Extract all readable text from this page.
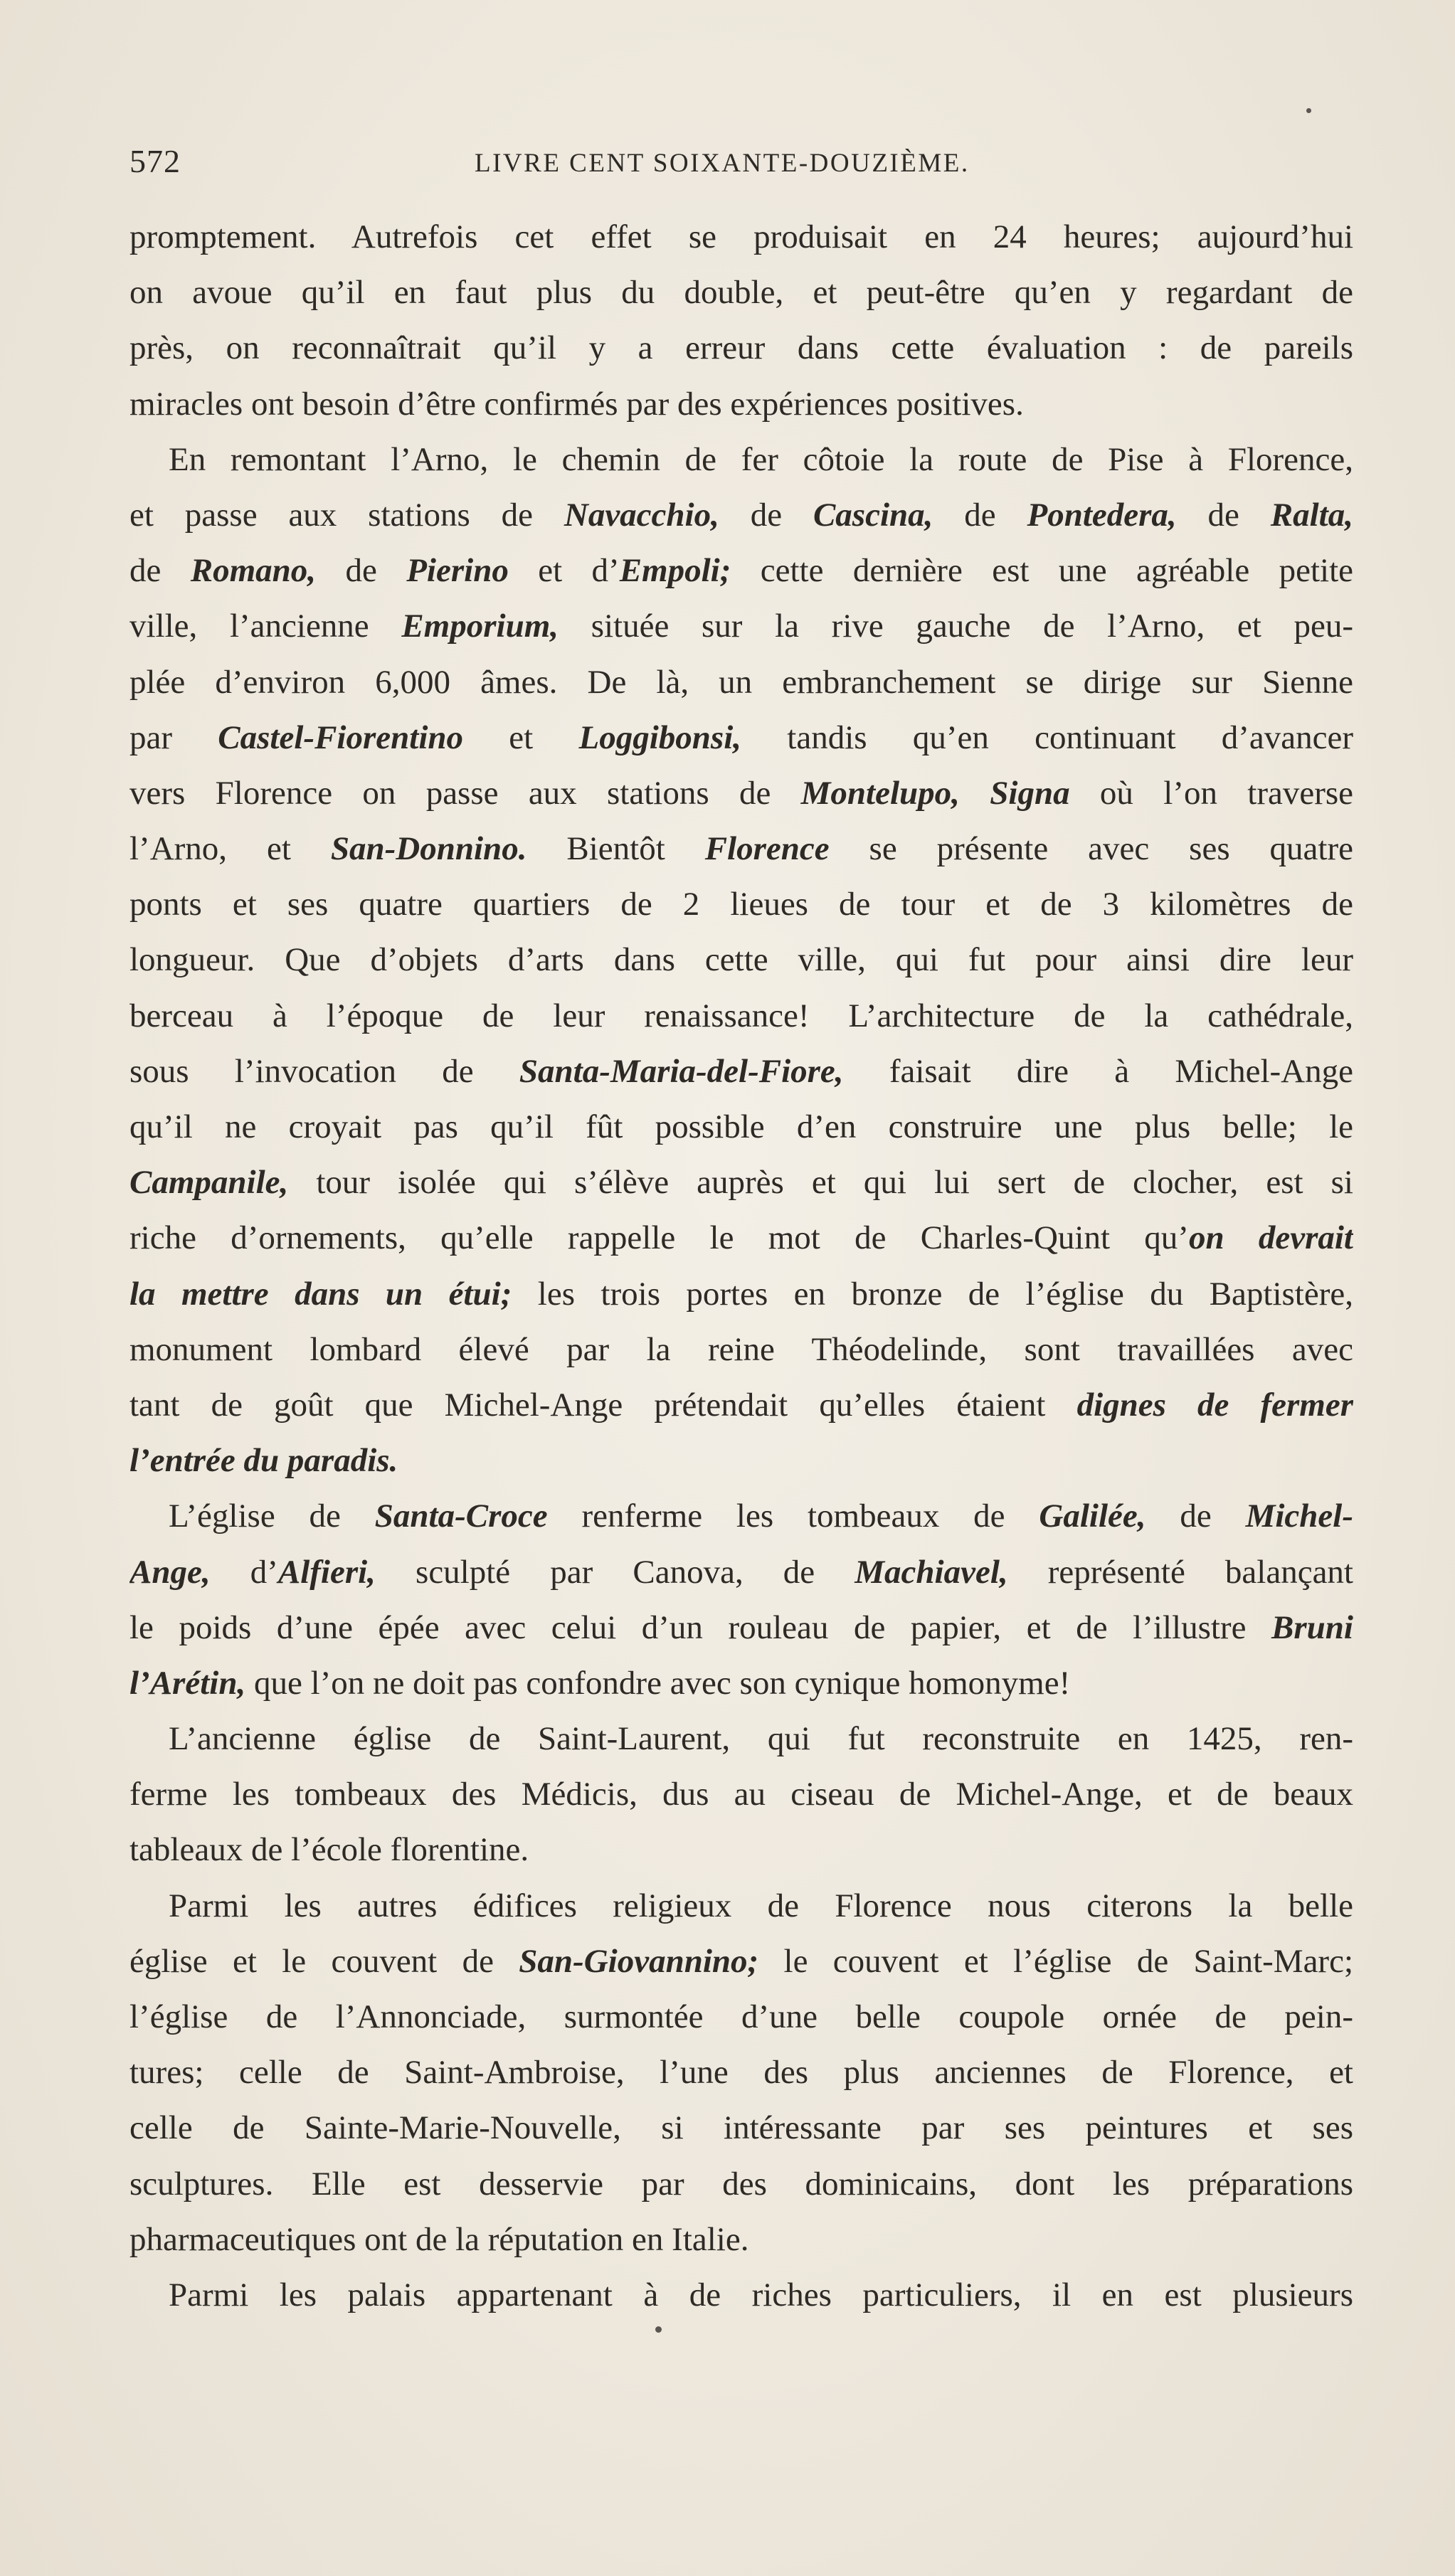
572	LIVRE CENT SOIXANTE-DOUZIÈME.
promptement. Autrefois cet effet se produisait en 24 heures; aujourd’hui
on avoue qu’il en faut plus du double, et peut-être qu’en y regardant de
près, on reconnaîtrait qu’il y a erreur dans cette évaluation : de pareils
miracles ont besoin d’être confirmés par des expériences positives.
En remontant l’Arno, le chemin de fer côtoie la route de Pise à Florence,
et passe aux stations de Navacchio, de Cascina, de Pontedera, de Ralta,
de Romano, de Pierino et d’Empoli; cette dernière est une agréable petite
ville, l’ancienne Emporium, située sur la rive gauche de l’Arno, et peu-
plée d’environ 6,000 âmes. De là, un embranchement se dirige sur Sienne
par Castel-Fiorentino et Loggibonsi, tandis qu’en continuant d’avancer
vers Florence on passe aux stations de Montelupo, Signa où l’on traverse
l’Arno, et San-Donnino. Bientôt Florence se présente avec ses quatre
ponts et ses quatre quartiers de 2 lieues de tour et de 3 kilomètres de
longueur. Que d’objets d’arts dans cette ville, qui fut pour ainsi dire leur
berceau à l’époque de leur renaissance! L’architecture de la cathédrale,
sous l’invocation de Santa-Maria-del-Fiore, faisait dire à Michel-Ange
qu’il ne croyait pas qu’il fût possible d’en construire une plus belle; le
Campanile, tour isolée qui s’élève auprès et qui lui sert de clocher, est si
riche d’ornements, qu’elle rappelle le mot de Charles-Quint qu’on devrait
la mettre dans un étui; les trois portes en bronze de l’église du Baptistère,
monument lombard élevé par la reine Théodelinde, sont travaillées avec
tant de goût que Michel-Ange prétendait qu’elles étaient dignes de fermer
l’entrée du paradis.
L’église de Santa-Croce renferme les tombeaux de Galilée, de Michel-
Ange, d’Alfieri, sculpté par Canova, de Machiavel, représenté balançant
le poids d’une épée avec celui d’un rouleau de papier, et de l’illustre Bruni
l’Arétin, que l’on ne doit pas confondre avec son cynique homonyme!
L’ancienne église de Saint-Laurent, qui fut reconstruite en 1425, ren-
ferme les tombeaux des Médicis, dus au ciseau de Michel-Ange, et de beaux
tableaux de l’école florentine.
Parmi les autres édifices religieux de Florence nous citerons la belle
église et le couvent de San-Giovannino; le couvent et l’église de Saint-Marc;
l’église de l’Annonciade, surmontée d’une belle coupole ornée de pein-
tures; celle de Saint-Ambroise, l’une des plus anciennes de Florence, et
celle de Sainte-Marie-Nouvelle, si intéressante par ses peintures et ses
sculptures. Elle est desservie par des dominicains, dont les préparations
pharmaceutiques ont de la réputation en Italie.
Parmi les palais appartenant à de riches particuliers, il en est plusieurs
